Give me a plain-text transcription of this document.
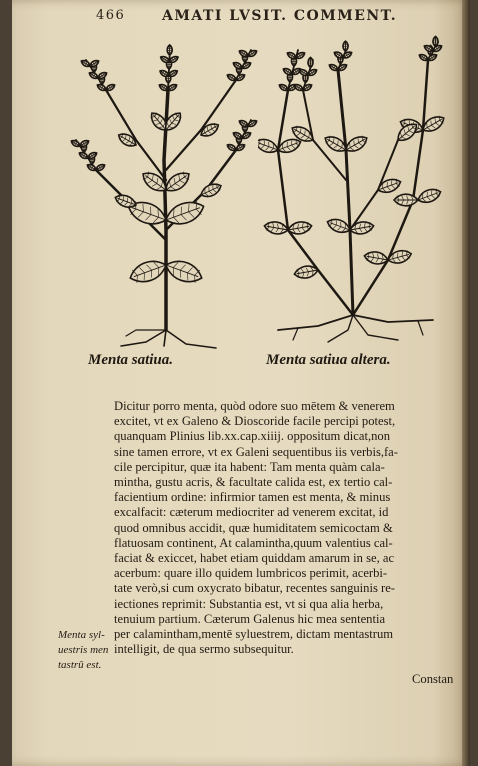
466	AMATI LVSIT. COMMENT.
Menta satiua.	Menta satiua altera.
Dicitur porro menta, quòd odore suo mētem & venerem
excitet, vt ex Galeno & Dioscoride facile percipi potest,
quanquam Plinius lib.xx.cap.xiiij. oppositum dicat,non
sine tamen errore, vt ex Galeni sequentibus iis verbis,fa-
cile percipitur, quæ ita habent: Tam menta quàm cala-
mintha, gustu acris, & facultate calida est, ex tertio cal-
facientium ordine: infirmior tamen est menta, & minus
excalfacit: cæterum mediocriter ad venerem excitat, id
quod omnibus accidit, quæ humiditatem semicoctam &
flatuosam continent, At calamintha,quum valentius cal-
faciat & exiccet, habet etiam quiddam amarum in se, ac
acerbum: quare illo quidem lumbricos perimit, acerbi-
tate verò,si cum oxycrato bibatur, recentes sanguinis re-
iectiones reprimit: Substantia est, vt si qua alia herba,
tenuium partium. Cæterum Galenus hic mea sententia
per calamintham,mentē syluestrem, dictam mentastrum
intelligit, de qua sermo subsequitur.
Menta syl-
uestris men
tastrū est.
Constan
